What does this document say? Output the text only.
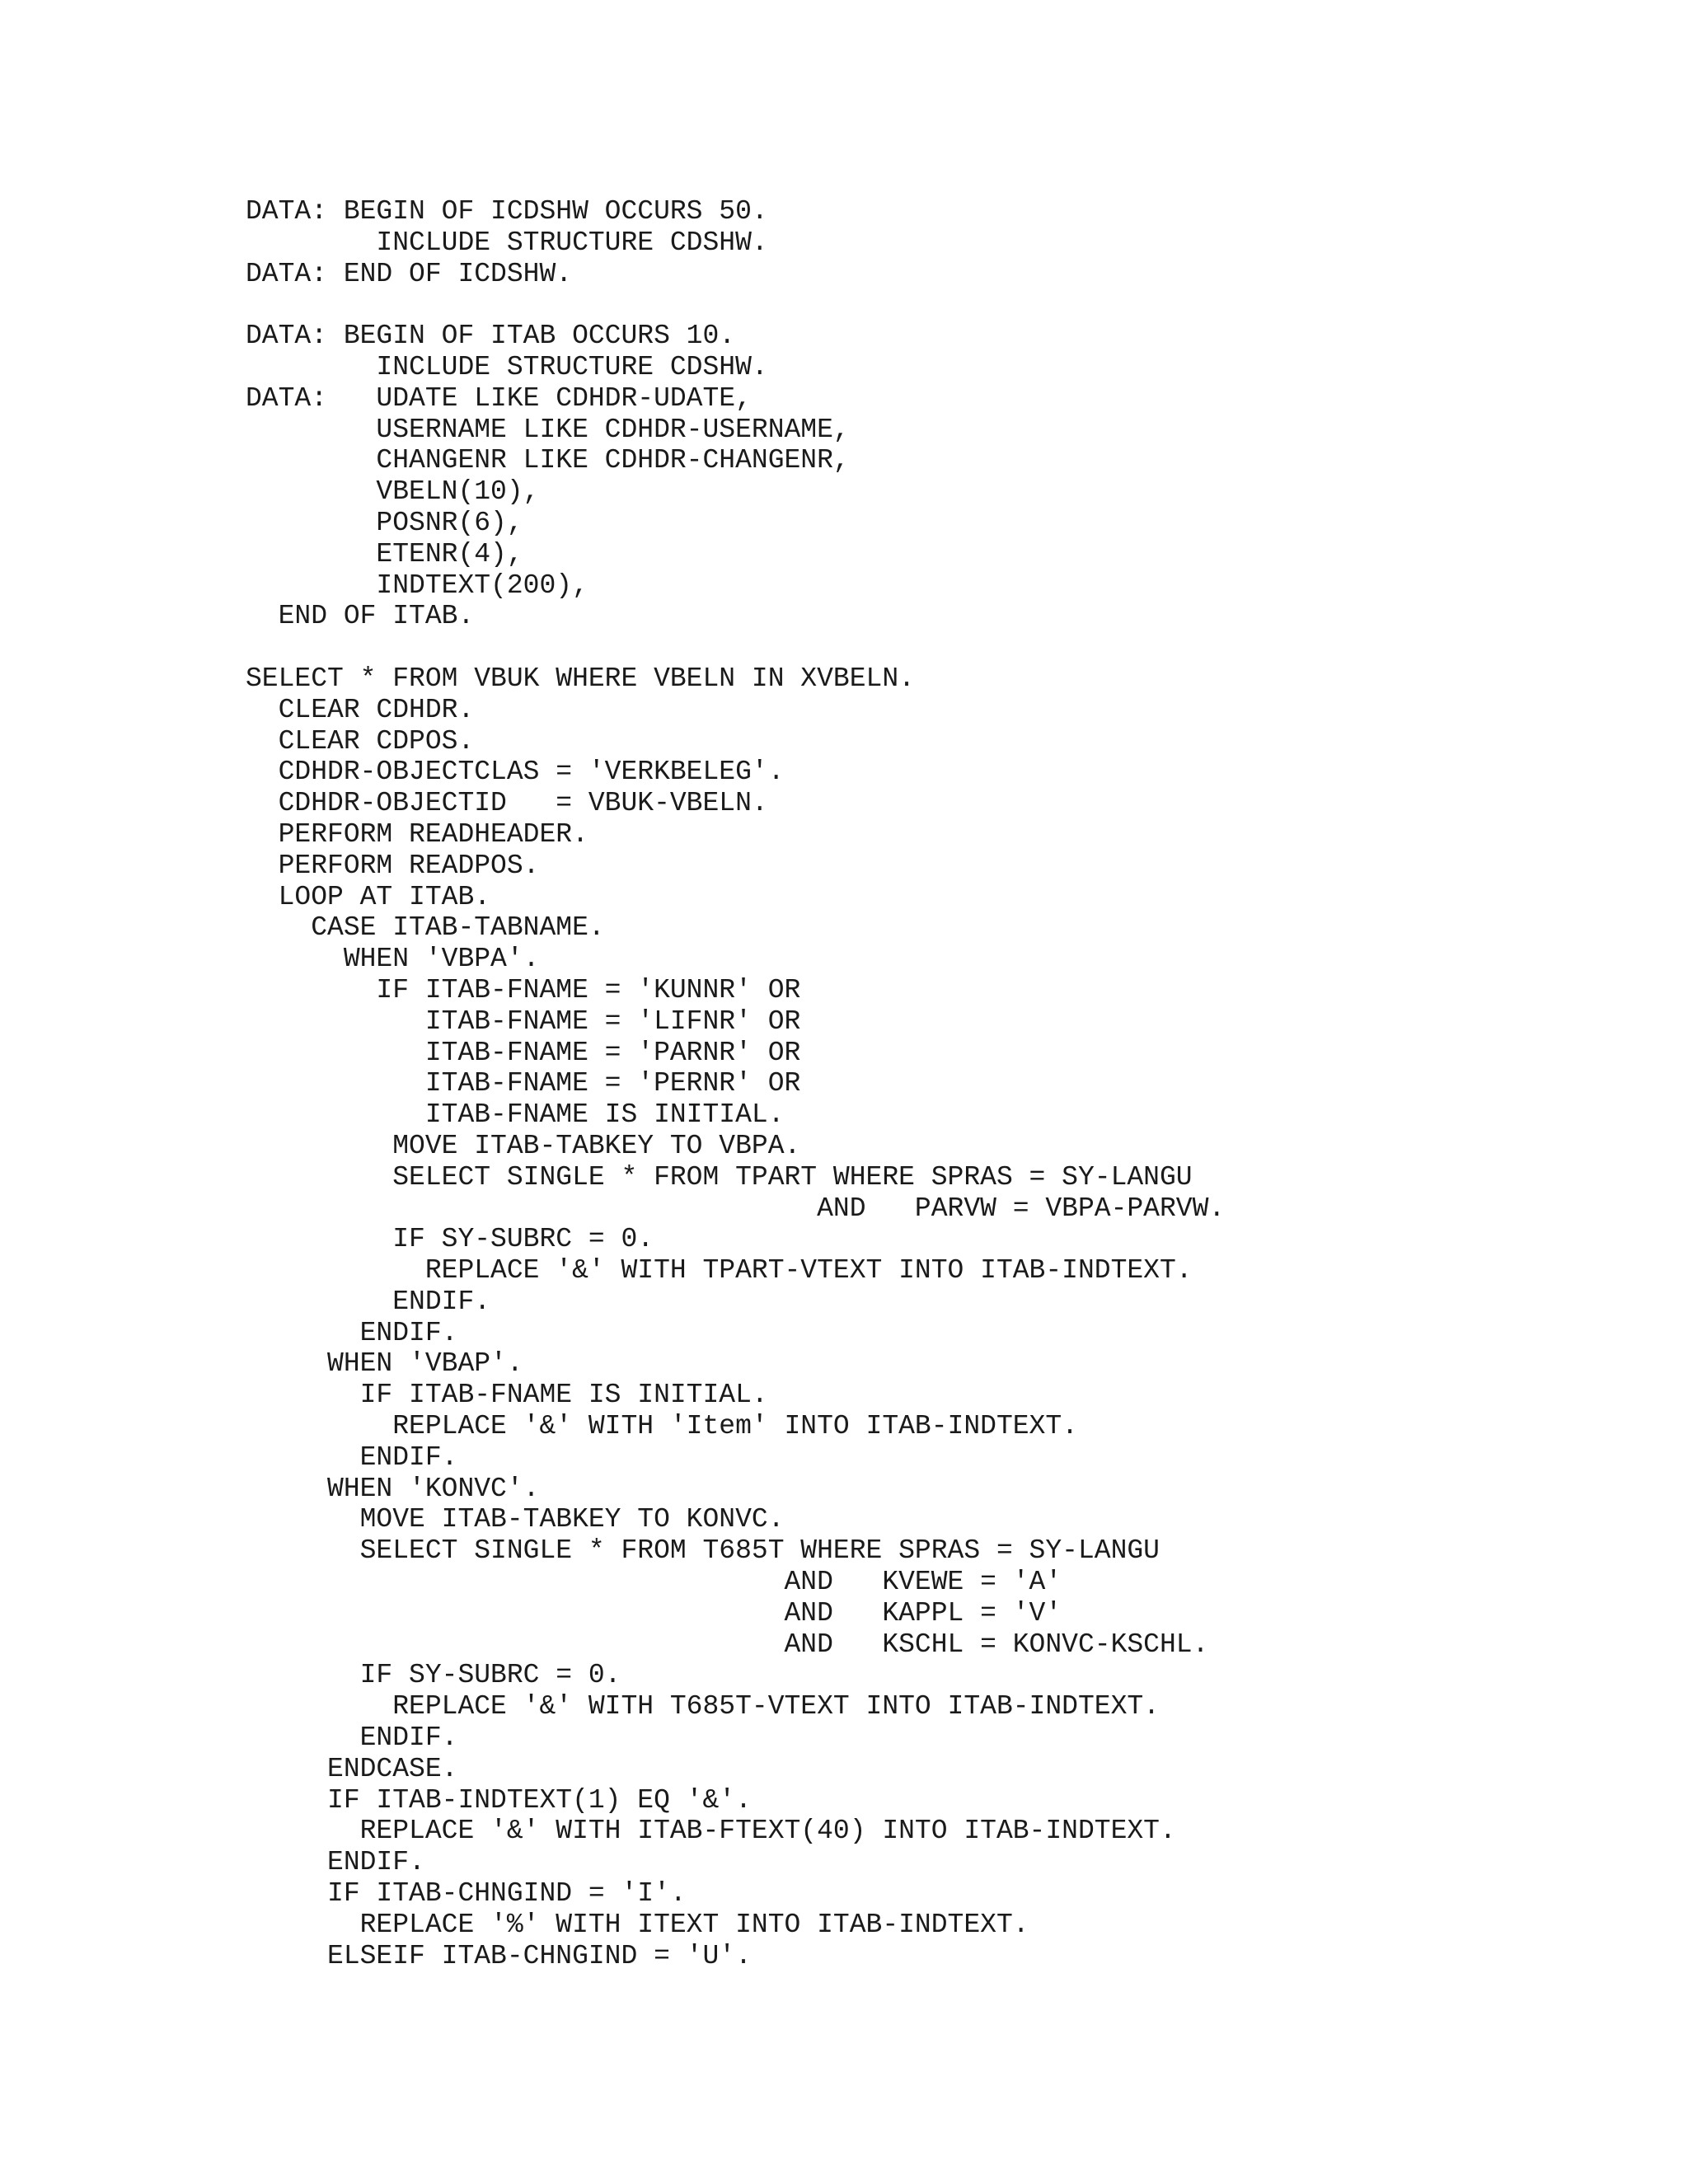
DATA: BEGIN OF ICDSHW OCCURS 50.
INCLUDE STRUCTURE CDSHW.
DATA: END OF ICDSHW.
DATA: BEGIN OF ITAB OCCURS 10.
INCLUDE STRUCTURE CDSHW.
DATA:   UDATE LIKE CDHDR-UDATE,
USERNAME LIKE CDHDR-USERNAME,
CHANGENR LIKE CDHDR-CHANGENR,
VBELN(10),
POSNR(6),
ETENR(4),
INDTEXT(200),
END OF ITAB.
SELECT * FROM VBUK WHERE VBELN IN XVBELN.
CLEAR CDHDR.
CLEAR CDPOS.
CDHDR-OBJECTCLAS = 'VERKBELEG'.
CDHDR-OBJECTID   = VBUK-VBELN.
PERFORM READHEADER.
PERFORM READPOS.
LOOP AT ITAB.
CASE ITAB-TABNAME.
WHEN 'VBPA'.
IF ITAB-FNAME = 'KUNNR' OR
ITAB-FNAME = 'LIFNR' OR
ITAB-FNAME = 'PARNR' OR
ITAB-FNAME = 'PERNR' OR
ITAB-FNAME IS INITIAL.
MOVE ITAB-TABKEY TO VBPA.
SELECT SINGLE * FROM TPART WHERE SPRAS = SY-LANGU
AND   PARVW = VBPA-PARVW.
IF SY-SUBRC = 0.
REPLACE '&' WITH TPART-VTEXT INTO ITAB-INDTEXT.
ENDIF.
ENDIF.
WHEN 'VBAP'.
IF ITAB-FNAME IS INITIAL.
REPLACE '&' WITH 'Item' INTO ITAB-INDTEXT.
ENDIF.
WHEN 'KONVC'.
MOVE ITAB-TABKEY TO KONVC.
SELECT SINGLE * FROM T685T WHERE SPRAS = SY-LANGU
AND   KVEWE = 'A'
AND   KAPPL = 'V'
AND   KSCHL = KONVC-KSCHL.
IF SY-SUBRC = 0.
REPLACE '&' WITH T685T-VTEXT INTO ITAB-INDTEXT.
ENDIF.
ENDCASE.
IF ITAB-INDTEXT(1) EQ '&'.
REPLACE '&' WITH ITAB-FTEXT(40) INTO ITAB-INDTEXT.
ENDIF.
IF ITAB-CHNGIND = 'I'.
REPLACE '%' WITH ITEXT INTO ITAB-INDTEXT.
ELSEIF ITAB-CHNGIND = 'U'.
